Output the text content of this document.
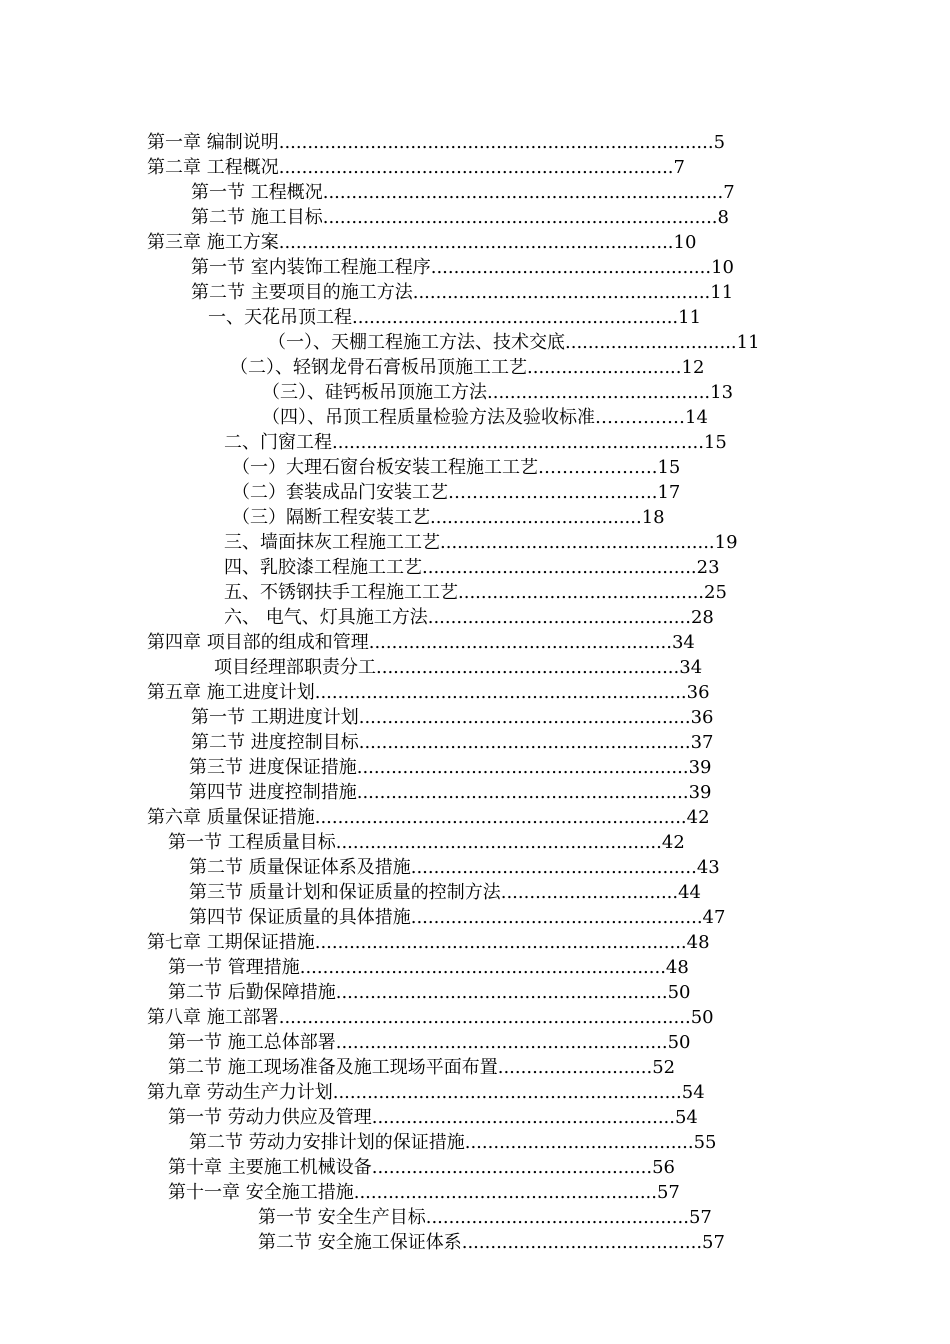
第一章 编制说明............................................................................5
第二章 工程概况.....................................................................7
第一节 工程概况......................................................................7
第二节 施工目标.....................................................................8
第三章 施工方案.....................................................................10
第一节 室内装饰工程施工程序.................................................10
第二节 主要项目的施工方法....................................................11
一、天花吊顶工程.........................................................11
（一）、天棚工程施工方法、技术交底..............................11
（二）、轻钢龙骨石膏板吊顶施工工艺...........................12
（三）、硅钙板吊顶施工方法.......................................13
（四）、吊顶工程质量检验方法及验收标准……………14
二、门窗工程.................................................................15
（一）大理石窗台板安装工程施工工艺………………..15
（二）套装成品门安装工艺……………………………..17
（三）隔断工程安装工艺.....................................18
三、墙面抹灰工程施工工艺................................................19
四、乳胶漆工程施工工艺................................................23
五、不锈钢扶手工程施工工艺...........................................25
六、 电气、灯具施工方法..............................................28
第四章 项目部的组成和管理.....................................................34
项目经理部职责分工.....................................................34
第五章 施工进度计划.................................................................36
第一节 工期进度计划..........................................................36
第二节 进度控制目标..........................................................37
第三节 进度保证措施..........................................................39
第四节 进度控制措施..........................................................39
第六章 质量保证措施.................................................................42
第一节 工程质量目标.........................................................42
第二节 质量保证体系及措施..................................................43
第三节 质量计划和保证质量的控制方法...............................44
第四节 保证质量的具体措施...................................................47
第七章 工期保证措施.................................................................48
第一节 管理措施................................................................48
第二节 后勤保障措施..........................................................50
第八章 施工部署........................................................................50
第一节 施工总体部署..........................................................50
第二节 施工现场准备及施工现场平面布置...........................52
第九章 劳动生产力计划.............................................................54
第一节 劳动力供应及管理.....................................................54
第二节 劳动力安排计划的保证措施........................................55
第十章 主要施工机械设备.................................................56
第十一章 安全施工措施.....................................................57
第一节 安全生产目标..............................................57
第二节 安全施工保证体系..........................................57
